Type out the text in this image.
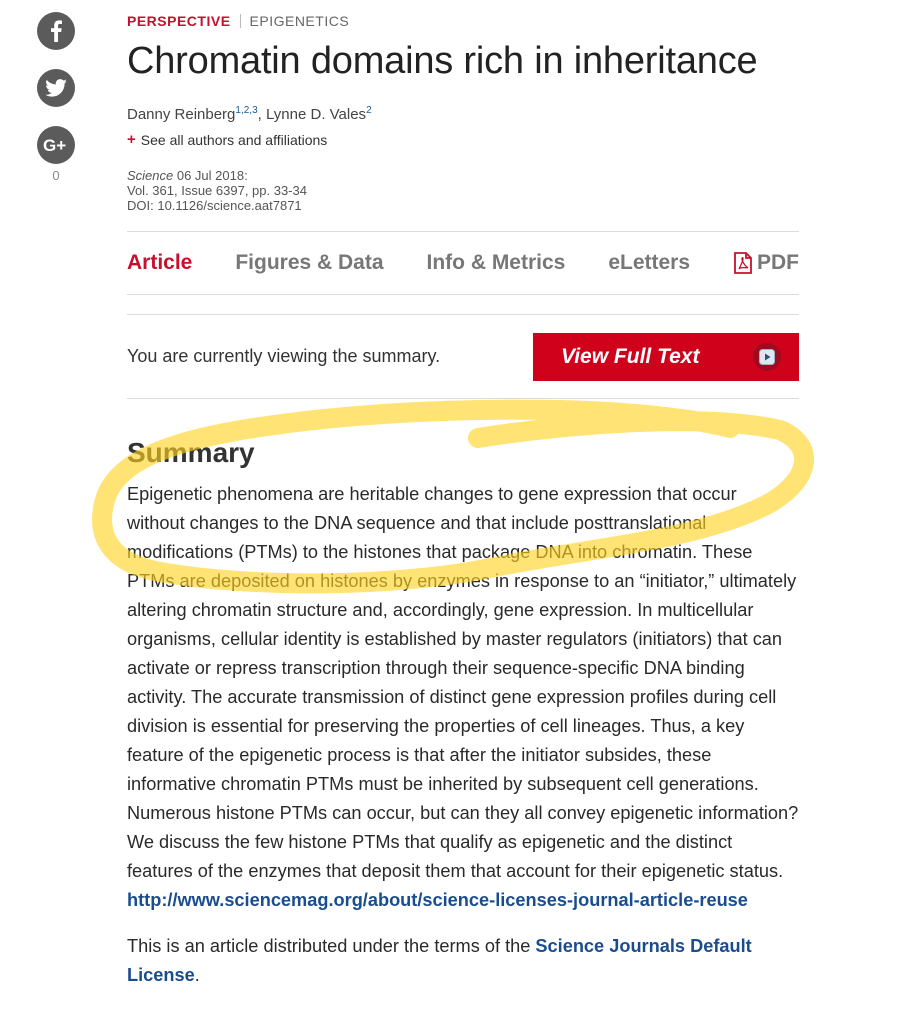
G+
0
PERSPECTIVE EPIGENETICS
Chromatin domains rich in inheritance
Danny Reinberg$^{1,2,3}$, Lynne D. Vales$^2$
+ See all authors and affiliations
Science 06 Jul 2018:
Vol. 361, Issue 6397, pp. 33-34
DOI: 10.1126/science.aat7871
Article Figures & Data Info & Metrics eLetters	PDF
You are currently viewing the summary.	View Full Text
Summary

Epigenetic phenomena are heritable changes to gene expression that occur without changes to the DNA sequence and that include posttranslational modifications (PTMs) to the histones that package DNA into chromatin. These PTMs are deposited on histones by enzymes in response to an “initiator,” ultimately altering chromatin structure and, accordingly, gene expression. In multicellular organisms, cellular identity is established by master regulators (initiators) that can activate or repress transcription through their sequence-specific DNA binding activity. The accurate transmission of distinct gene expression profiles during cell division is essential for preserving the properties of cell lineages. Thus, a key feature of the epigenetic process is that after the initiator subsides, these informative chromatin PTMs must be inherited by subsequent cell generations. Numerous histone PTMs can occur, but can they all convey epigenetic information? We discuss the few histone PTMs that qualify as epigenetic and the distinct features of the enzymes that deposit them that account for their epigenetic status.

http://www.sciencemag.org/about/science-licenses-journal-article-reuse

This is an article distributed under the terms of the Science Journals Default License.
